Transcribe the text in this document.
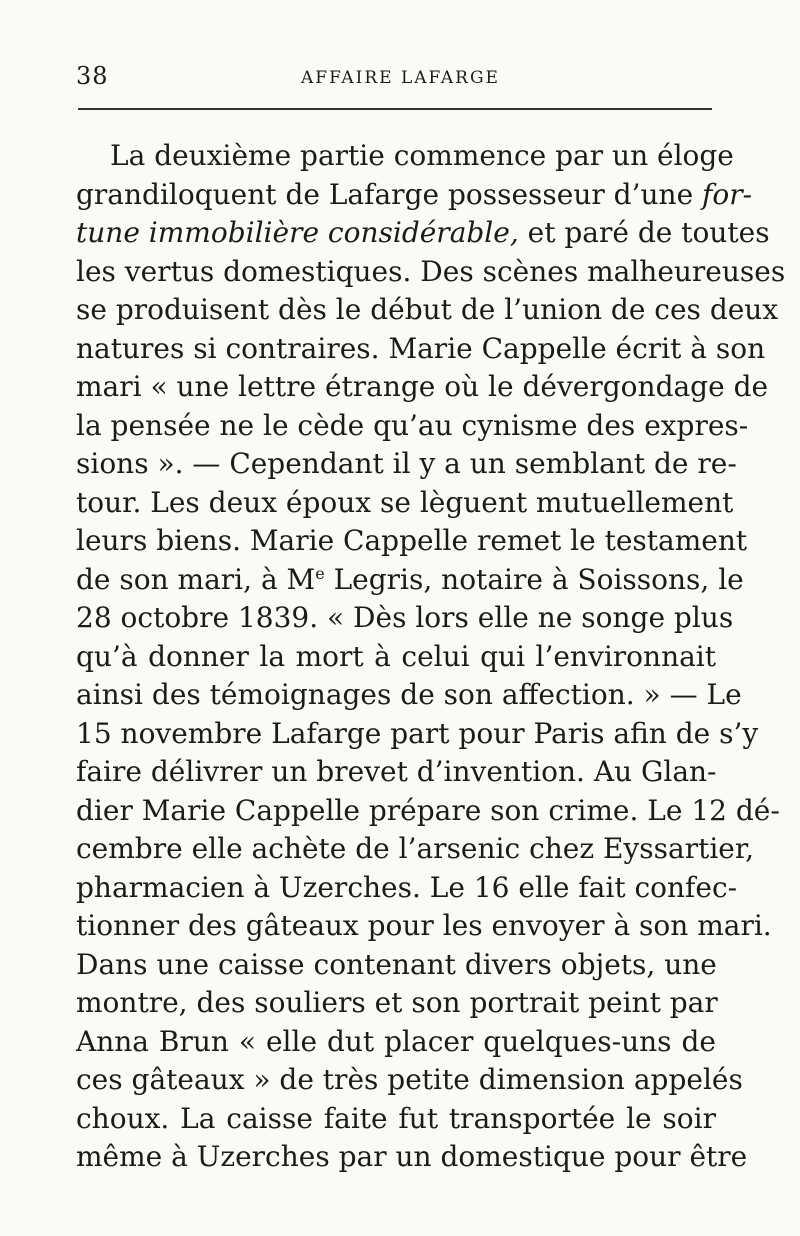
38	AFFAIRE LAFARGE
La deuxième partie commence par un éloge
grandiloquent de Lafarge possesseur d’une for-
tune immobilière considérable, et paré de toutes
les vertus domestiques. Des scènes malheureuses
se produisent dès le début de l’union de ces deux
natures si contraires. Marie Cappelle écrit à son
mari « une lettre étrange où le dévergondage de
la pensée ne le cède qu’au cynisme des expres-
sions ». — Cependant il y a un semblant de re-
tour. Les deux époux se lèguent mutuellement
leurs biens. Marie Cappelle remet le testament
de son mari, à Me Legris, notaire à Soissons, le
28 octobre 1839. « Dès lors elle ne songe plus
qu’à donner la mort à celui qui l’environnait
ainsi des témoignages de son affection. » — Le
15 novembre Lafarge part pour Paris afin de s’y
faire délivrer un brevet d’invention. Au Glan-
dier Marie Cappelle prépare son crime. Le 12 dé-
cembre elle achète de l’arsenic chez Eyssartier,
pharmacien à Uzerches. Le 16 elle fait confec-
tionner des gâteaux pour les envoyer à son mari.
Dans une caisse contenant divers objets, une
montre, des souliers et son portrait peint par
Anna Brun « elle dut placer quelques-uns de
ces gâteaux » de très petite dimension appelés
choux. La caisse faite fut transportée le soir
même à Uzerches par un domestique pour être
